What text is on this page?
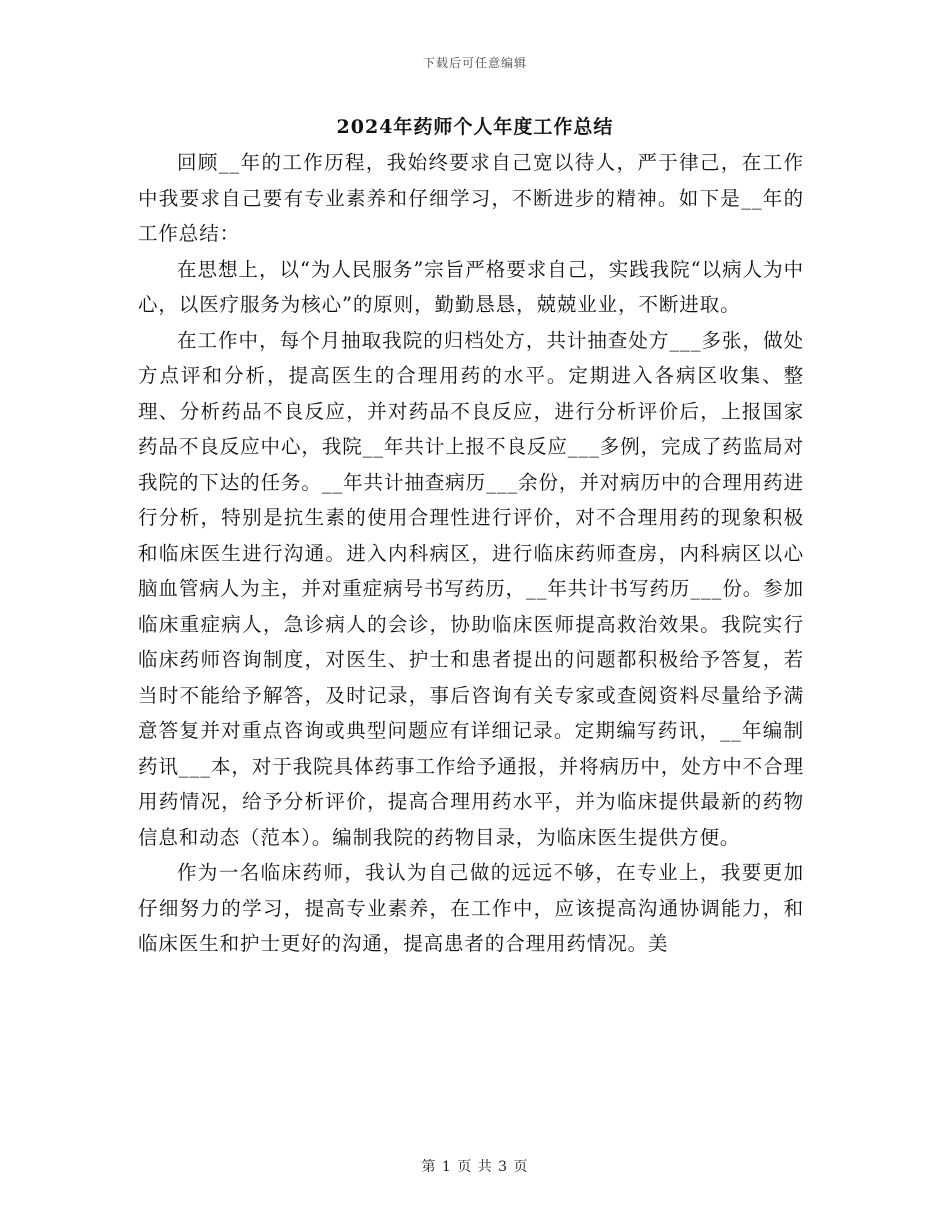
下载后可任意编辑
2024年药师个人年度工作总结

回顾__年的工作历程，我始终要求自己宽以待人，严于律己，在工作中我要求自己要有专业素养和仔细学习，不断进步的精神。如下是__年的工作总结：

在思想上，以“为人民服务”宗旨严格要求自己，实践我院“以病人为中心，以医疗服务为核心”的原则，勤勤恳恳，兢兢业业，不断进取。

在工作中，每个月抽取我院的归档处方，共计抽查处方___多张，做处方点评和分析，提高医生的合理用药的水平。定期进入各病区收集、整理、分析药品不良反应，并对药品不良反应，进行分析评价后，上报国家药品不良反应中心，我院__年共计上报不良反应___多例，完成了药监局对我院的下达的任务。__年共计抽查病历___余份，并对病历中的合理用药进行分析，特别是抗生素的使用合理性进行评价，对不合理用药的现象积极和临床医生进行沟通。进入内科病区，进行临床药师查房，内科病区以心脑血管病人为主，并对重症病号书写药历，__年共计书写药历___份。参加临床重症病人，急诊病人的会诊，协助临床医师提高救治效果。我院实行临床药师咨询制度，对医生、护士和患者提出的问题都积极给予答复，若当时不能给予解答，及时记录，事后咨询有关专家或查阅资料尽量给予满意答复并对重点咨询或典型问题应有详细记录。定期编写药讯，__年编制药讯___本，对于我院具体药事工作给予通报，并将病历中，处方中不合理用药情况，给予分析评价，提高合理用药水平，并为临床提供最新的药物信息和动态（范本）。编制我院的药物目录，为临床医生提供方便。

作为一名临床药师，我认为自己做的远远不够，在专业上，我要更加仔细努力的学习，提高专业素养，在工作中，应该提高沟通协调能力，和临床医生和护士更好的沟通，提高患者的合理用药情况。美

第 1 页 共 3 页
